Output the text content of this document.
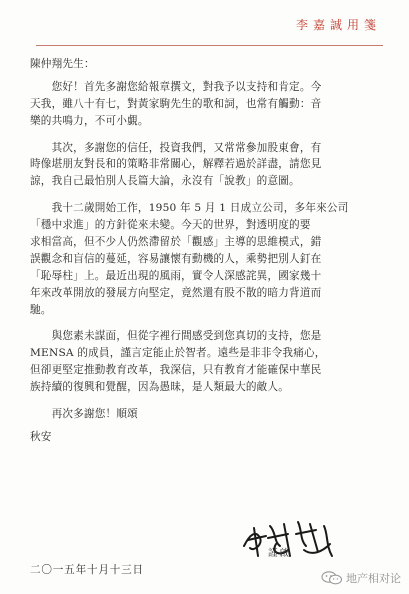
李嘉誠用箋
陳仲翔先生：
　　您好！首先多謝您給報章撰文，對我予以支持和肯定。今
天我，雖八十有七，對黃家駒先生的歌和詞，也常有觸動：音
樂的共鳴力，不可小覷。
　　其次，多謝您的信任，投資我們，又常常參加股東會，有
時像堪朋友對長和的策略非常關心，解釋若過於詳盡，請您見
諒，我自己最怕別人長篇大論，永沒有「說教」的意圖。
　　我十二歲開始工作，1950 年 5 月 1 日成立公司，多年來公司
「穩中求進」的方針從來未變。今天的世界，對透明度的要
求相當高，但不少人仍然滯留於「觀感」主導的思維模式，錯
誤觀念和盲信的蔓延，容易讓懷有動機的人，乘勢把別人釘在
「恥辱柱」上。最近出現的風雨，實令人深感詫異，國家幾十
年來改革開放的發展方向堅定，竟然還有股不散的暗力背道而
馳。
　　與您素未謀面，但從字裡行間感受到您真切的支持，您是
MENSA 的成員，謹言定能止於智者。遠些是非非令我痛心，
但卻更堅定推動教育改革，我深信，只有教育才能確保中華民
族持續的復興和覺醒，因為愚昧，是人類最大的敵人。
　　再次多謝您！順頌
秋安
謹啟
二〇一五年十月十三日
地产相对论
